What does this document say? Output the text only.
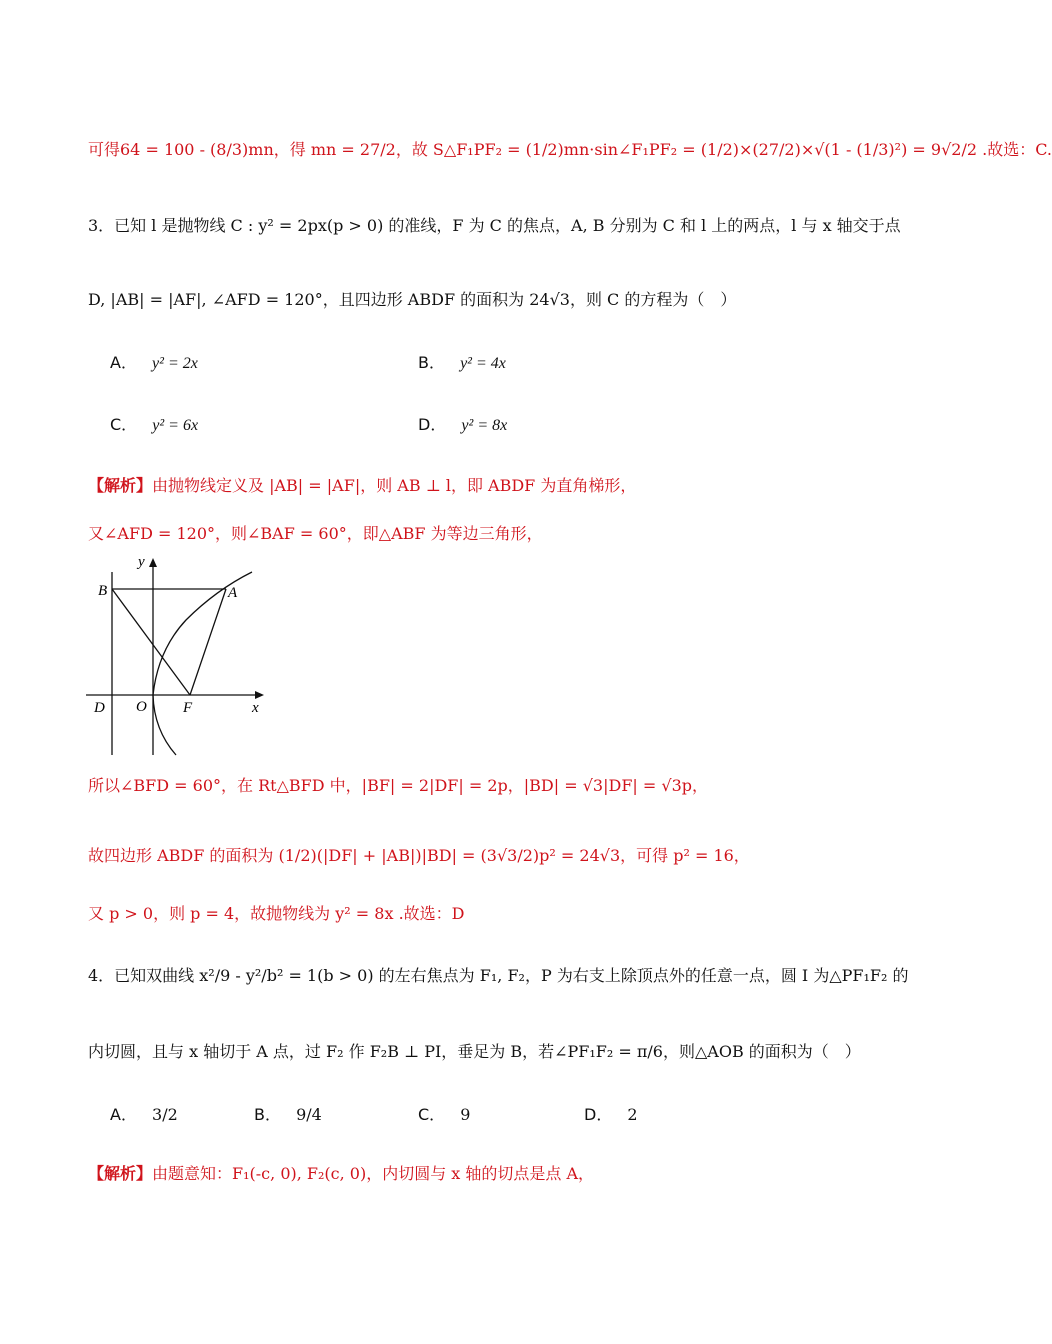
可得64 = 100 - (8/3)mn，得 mn = 27/2，故 S△F₁PF₂ = (1/2)mn·sin∠F₁PF₂ = (1/2)×(27/2)×√(1 - (1/3)²) = 9√2/2 .故选：C.
3．已知 l 是抛物线 C : y² = 2px(p > 0) 的准线，F 为 C 的焦点，A, B 分别为 C 和 l 上的两点，l 与 x 轴交于点
D, |AB| = |AF|, ∠AFD = 120°，且四边形 ABDF 的面积为 24√3，则 C 的方程为（　）
A． y² = 2x	B． y² = 4x
C． y² = 6x	D． y² = 8x
【解析】由抛物线定义及 |AB| = |AF|，则 AB ⊥ l，即 ABDF 为直角梯形，
又∠AFD = 120°，则∠BAF = 60°，即△ABF 为等边三角形，
B	A
y
x
D O F
所以∠BFD = 60°，在 Rt△BFD 中，|BF| = 2|DF| = 2p，|BD| = √3|DF| = √3p，
故四边形 ABDF 的面积为 (1/2)(|DF| + |AB|)|BD| = (3√3/2)p² = 24√3，可得 p² = 16，
又 p > 0，则 p = 4，故抛物线为 y² = 8x .故选：D
4．已知双曲线 x²/9 - y²/b² = 1(b > 0) 的左右焦点为 F₁, F₂，P 为右支上除顶点外的任意一点，圆 I 为△PF₁F₂ 的
内切圆，且与 x 轴切于 A 点，过 F₂ 作 F₂B ⊥ PI，垂足为 B，若∠PF₁F₂ = π/6，则△AOB 的面积为（　）
A． 3/2	B． 9/4	C． 9	D． 2
【解析】由题意知：F₁(-c, 0), F₂(c, 0)，内切圆与 x 轴的切点是点 A，
